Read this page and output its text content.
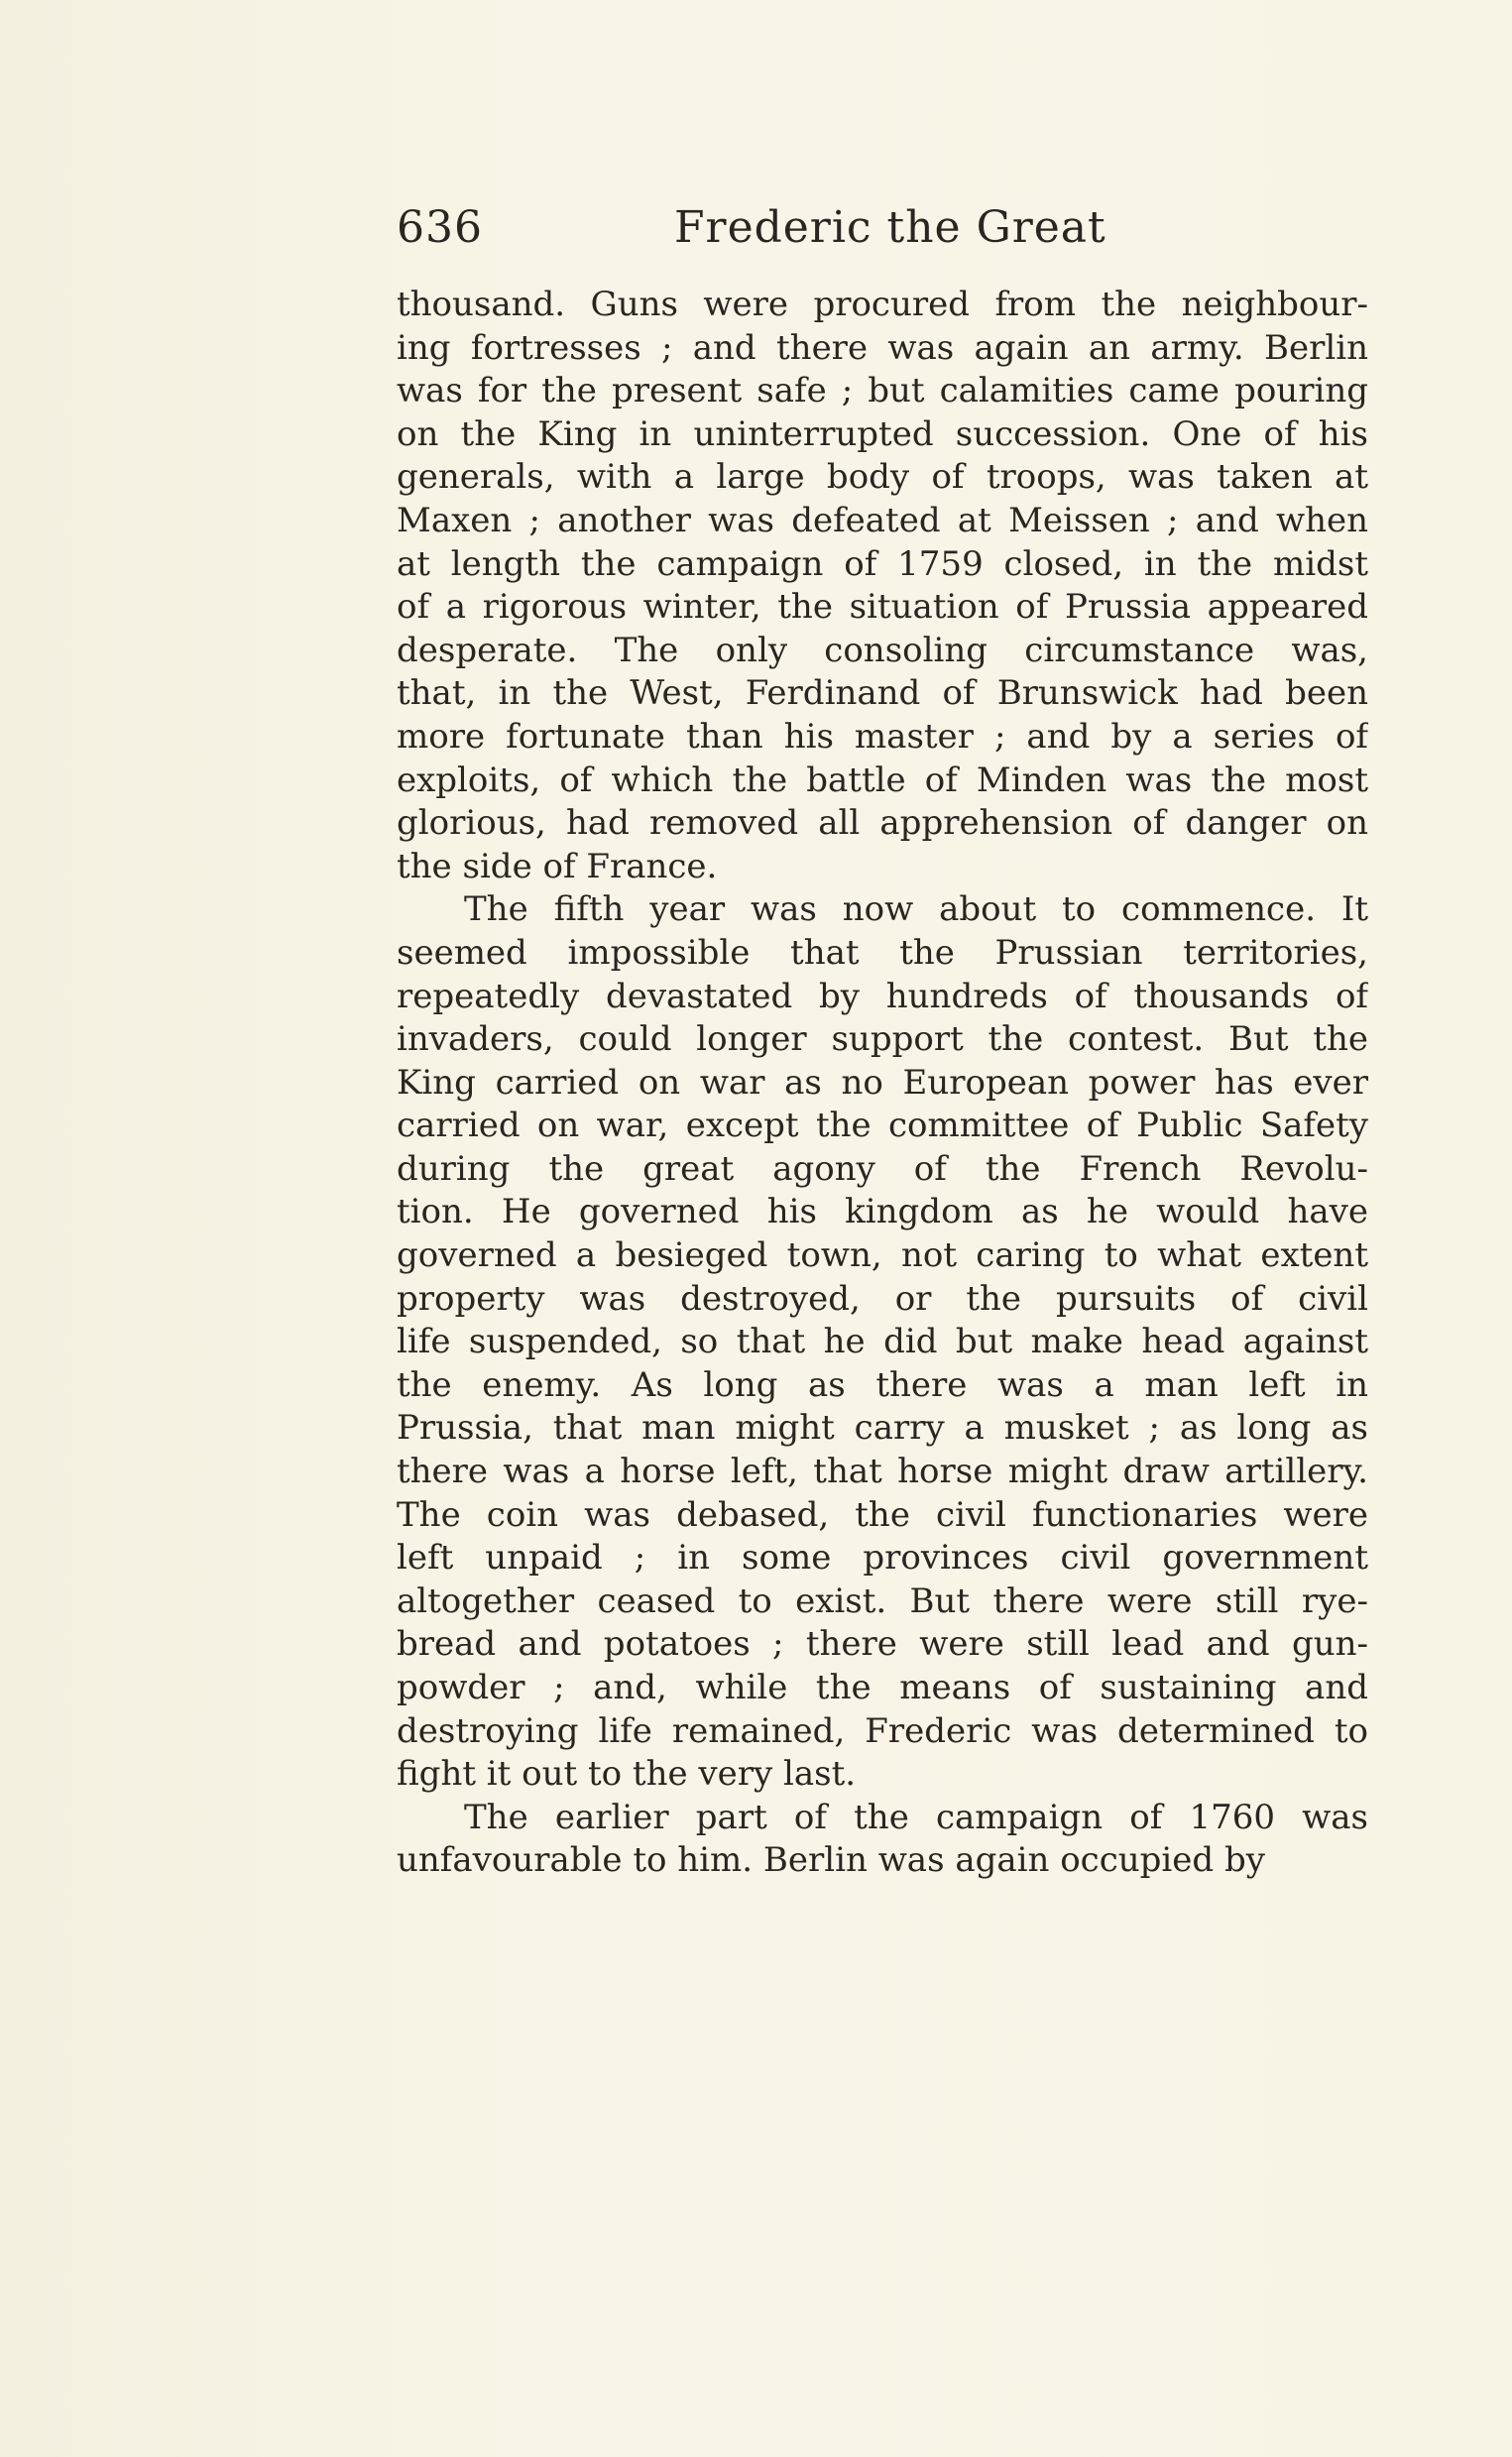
636	Frederic the Great
thousand. Guns were procured from the neighbour-
ing fortresses ; and there was again an army. Berlin
was for the present safe ; but calamities came pouring
on the King in uninterrupted succession. One of his
generals, with a large body of troops, was taken at
Maxen ; another was defeated at Meissen ; and when
at length the campaign of 1759 closed, in the midst
of a rigorous winter, the situation of Prussia appeared
desperate. The only consoling circumstance was,
that, in the West, Ferdinand of Brunswick had been
more fortunate than his master ; and by a series of
exploits, of which the battle of Minden was the most
glorious, had removed all apprehension of danger on
the side of France.
The fifth year was now about to commence. It
seemed impossible that the Prussian territories,
repeatedly devastated by hundreds of thousands of
invaders, could longer support the contest. But the
King carried on war as no European power has ever
carried on war, except the committee of Public Safety
during the great agony of the French Revolu-
tion. He governed his kingdom as he would have
governed a besieged town, not caring to what extent
property was destroyed, or the pursuits of civil
life suspended, so that he did but make head against
the enemy. As long as there was a man left in
Prussia, that man might carry a musket ; as long as
there was a horse left, that horse might draw artillery.
The coin was debased, the civil functionaries were
left unpaid ; in some provinces civil government
altogether ceased to exist. But there were still rye-
bread and potatoes ; there were still lead and gun-
powder ; and, while the means of sustaining and
destroying life remained, Frederic was determined to
fight it out to the very last.
The earlier part of the campaign of 1760 was
unfavourable to him. Berlin was again occupied by
